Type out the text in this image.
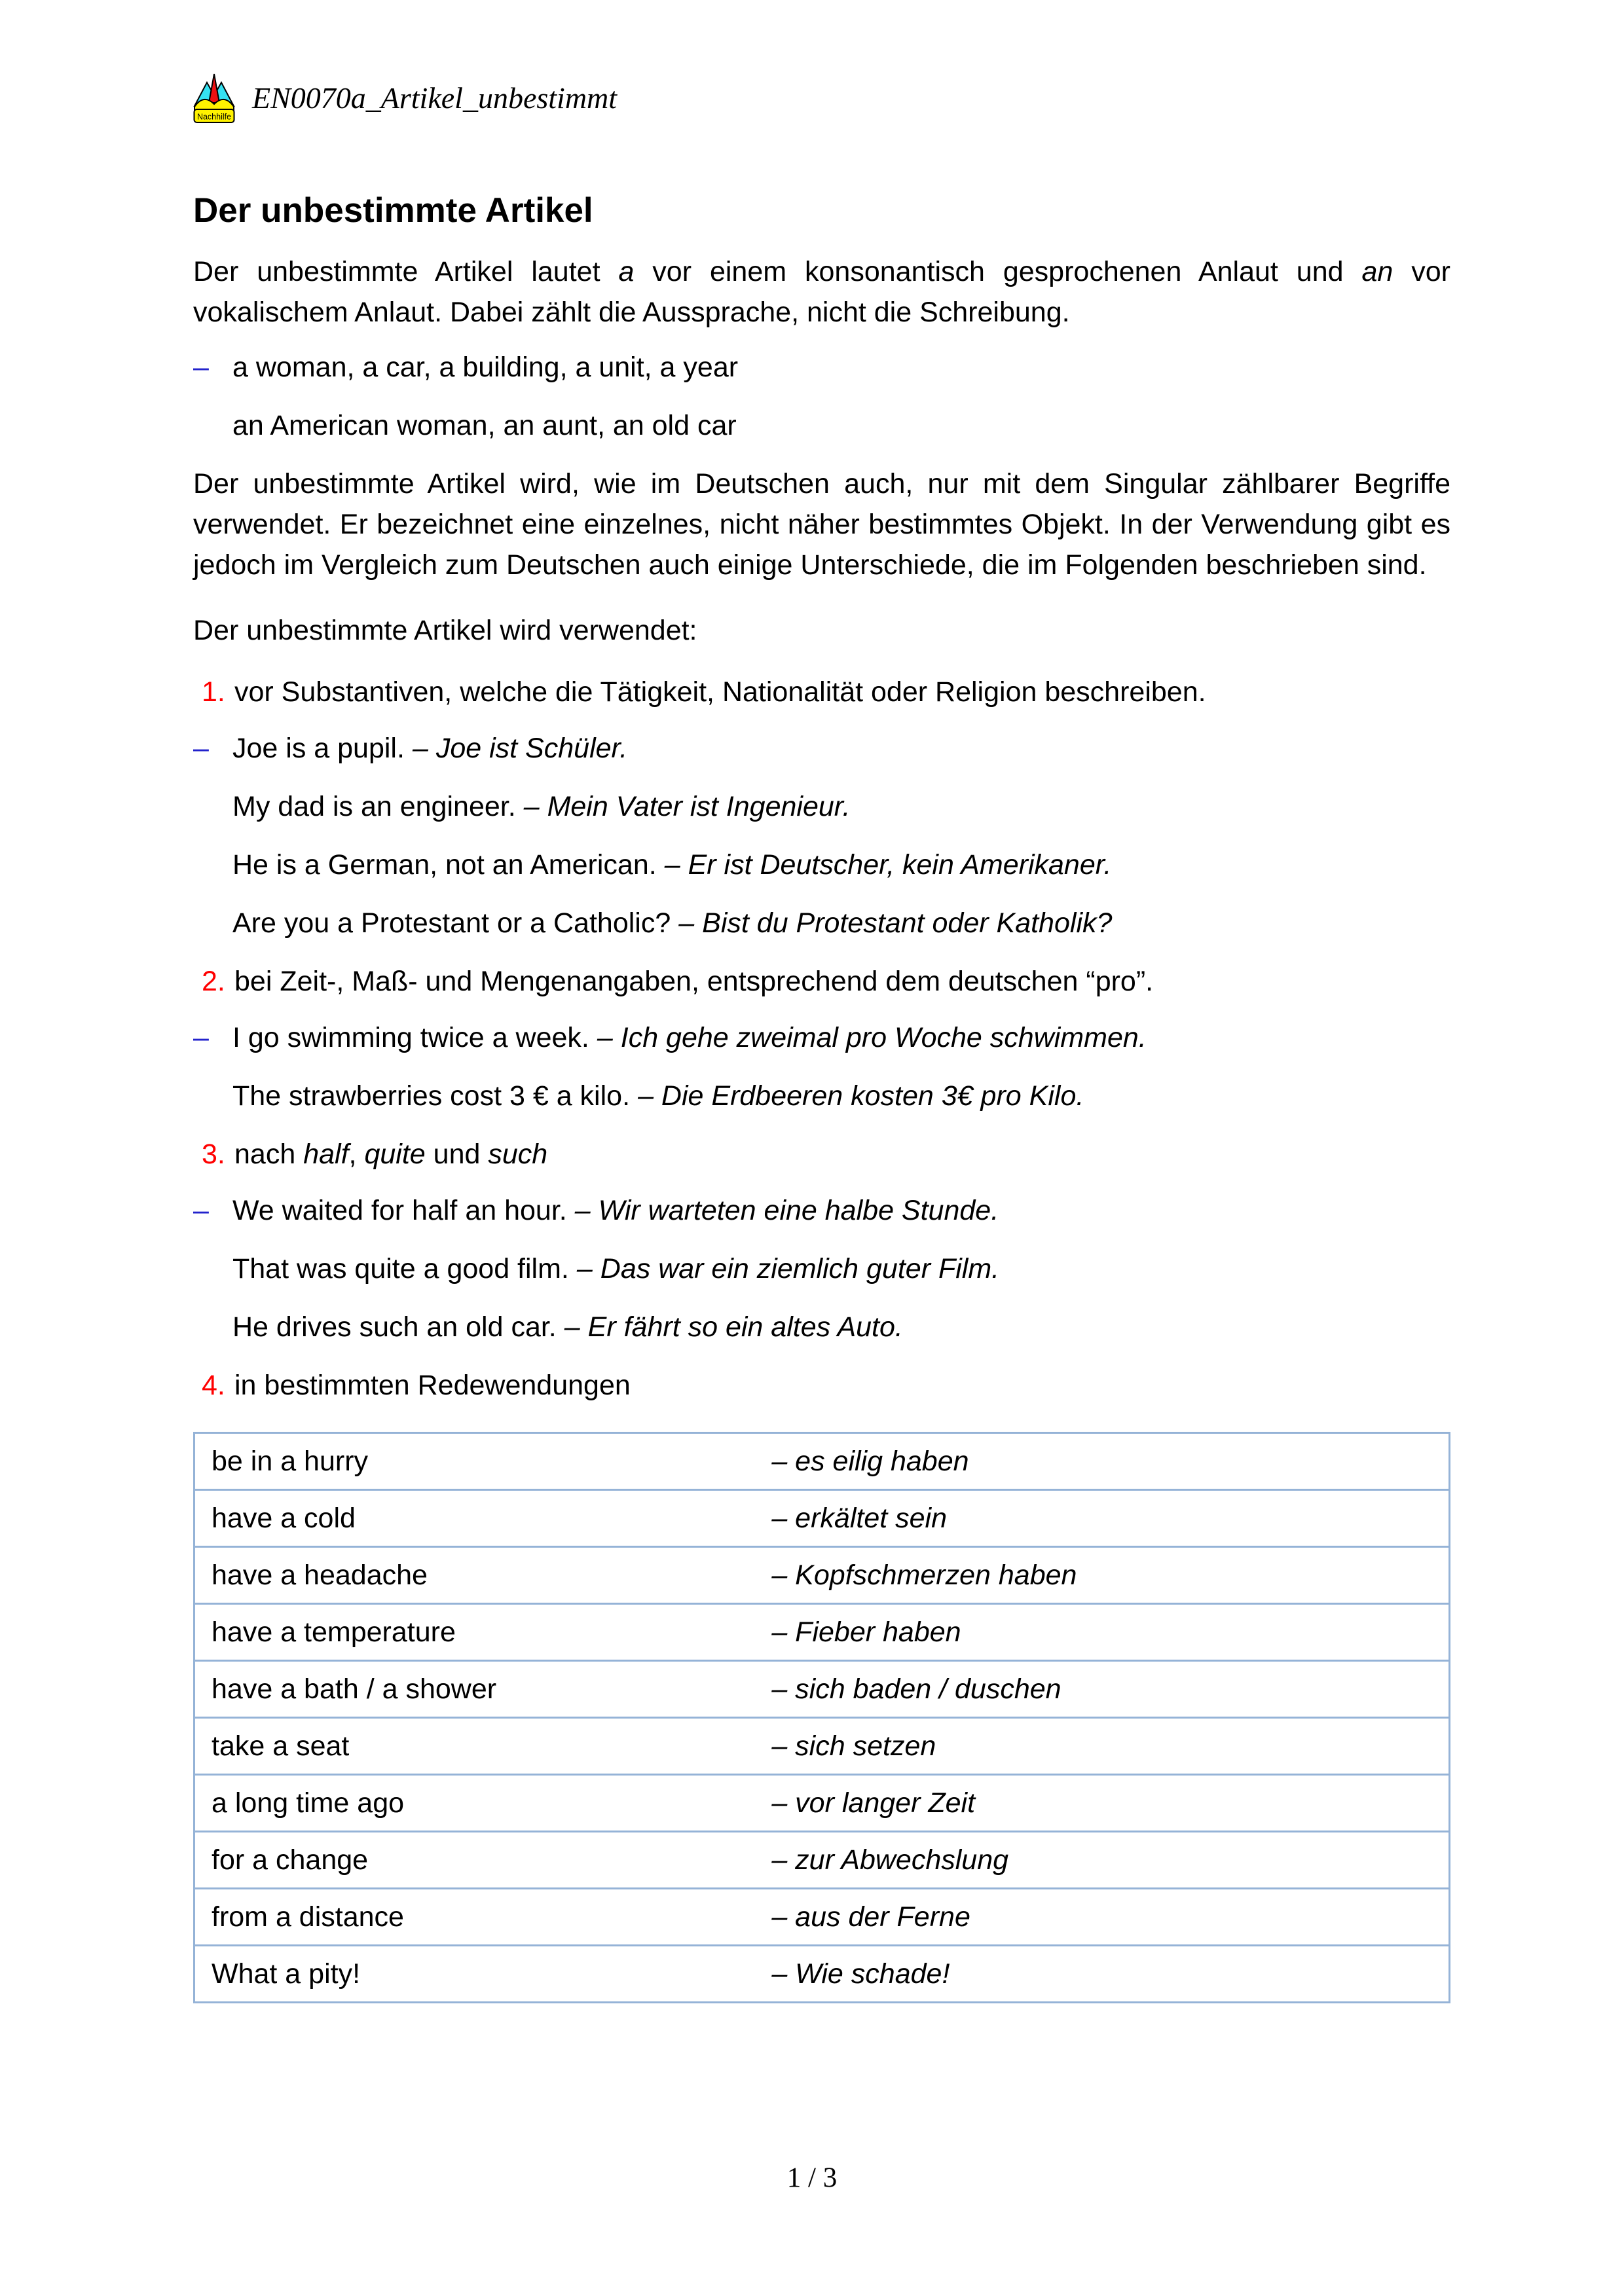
Nachhilfe
EN0070a_Artikel_unbestimmt
Der unbestimmte Artikel

Der unbestimmte Artikel lautet a vor einem konsonantisch gesprochenen Anlaut und an vor vokalischem Anlaut. Dabei zählt die Aussprache, nicht die Schreibung.

– a woman, a car, a building, a unit, a year
an American woman, an aunt, an old car

Der unbestimmte Artikel wird, wie im Deutschen auch, nur mit dem Singular zählbarer Begriffe verwendet. Er bezeichnet eine einzelnes, nicht näher bestimmtes Objekt. In der Verwendung gibt es jedoch im Vergleich zum Deutschen auch einige Unterschiede, die im Folgenden beschrieben sind.

Der unbestimmte Artikel wird verwendet:

1. vor Substantiven, welche die Tätigkeit, Nationalität oder Religion beschreiben.
– Joe is a pupil. – Joe ist Schüler.
My dad is an engineer. – Mein Vater ist Ingenieur.
He is a German, not an American. – Er ist Deutscher, kein Amerikaner.
Are you a Protestant or a Catholic? – Bist du Protestant oder Katholik?
2. bei Zeit-, Maß- und Mengenangaben, entsprechend dem deutschen “pro”.
– I go swimming twice a week. – Ich gehe zweimal pro Woche schwimmen.
The strawberries cost 3 € a kilo. – Die Erdbeeren kosten 3€ pro Kilo.
3. nach half, quite und such
– We waited for half an hour. – Wir warteten eine halbe Stunde.
That was quite a good film. – Das war ein ziemlich guter Film.
He drives such an old car. – Er fährt so ein altes Auto.
4. in bestimmten Redewendungen
be in a hurry	– es eilig haben
have a cold	– erkältet sein
have a headache	– Kopfschmerzen haben
have a temperature	– Fieber haben
have a bath / a shower	– sich baden / duschen
take a seat	– sich setzen
a long time ago	– vor langer Zeit
for a change	– zur Abwechslung
from a distance	– aus der Ferne
What a pity!	– Wie schade!
1 / 3
